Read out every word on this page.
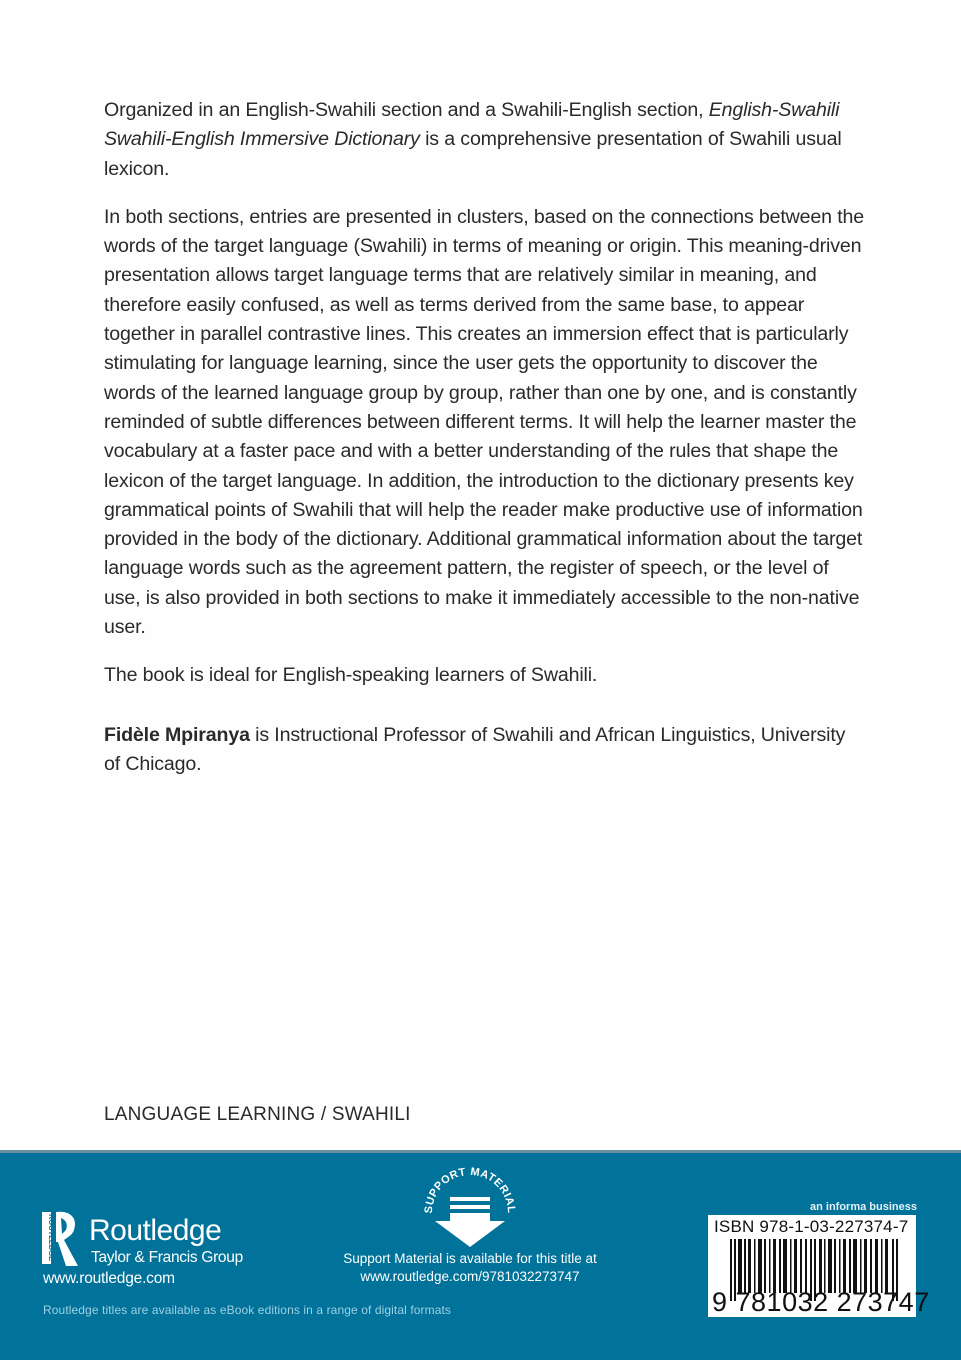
Organized in an English-Swahili section and a Swahili-English section, English-Swahili Swahili-English Immersive Dictionary is a comprehensive presentation of Swahili usual lexicon.

In both sections, entries are presented in clusters, based on the connections between the words of the target language (Swahili) in terms of meaning or origin. This meaning-driven presentation allows target language terms that are relatively similar in meaning, and therefore easily confused, as well as terms derived from the same base, to appear together in parallel contrastive lines. This creates an immersion effect that is particularly stimulating for language learning, since the user gets the opportunity to discover the words of the learned language group by group, rather than one by one, and is constantly reminded of subtle differences between different terms. It will help the learner master the vocabulary at a faster pace and with a better understanding of the rules that shape the lexicon of the target language. In addition, the introduction to the dictionary presents key grammatical points of Swahili that will help the reader make productive use of information provided in the body of the dictionary. Additional grammatical information about the target language words such as the agreement pattern, the register of speech, or the level of use, is also provided in both sections to make it immediately accessible to the non-native user.

The book is ideal for English-speaking learners of Swahili.

Fidèle Mpiranya is Instructional Professor of Swahili and African Linguistics, University of Chicago.

LANGUAGE LEARNING / SWAHILI
ROUTLEDGE Routledge
Taylor & Francis Group
www.routledge.com
Routledge titles are available as eBook editions in a range of digital formats
SUPPORT MATERIAL
Support Material is available for this title at
www.routledge.com/9781032273747
an informa business
ISBN 978-1-03-227374-7
9 781032 273747
